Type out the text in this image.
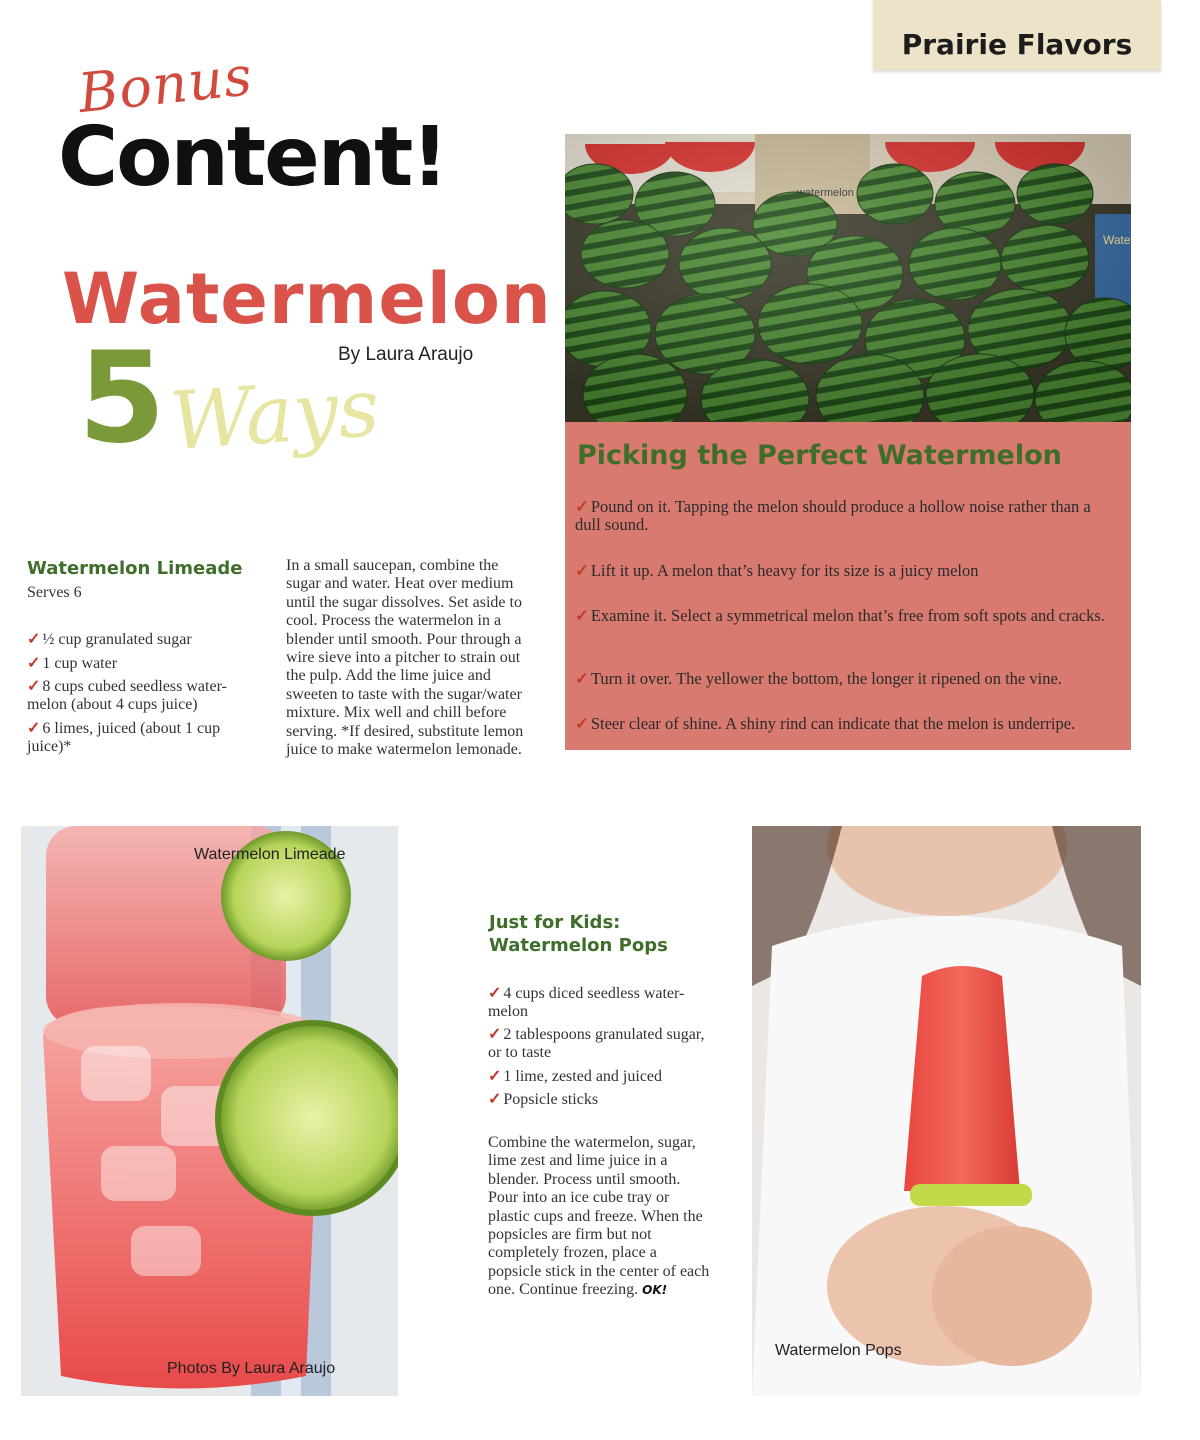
Prairie Flavors
Bonus
Content!
Watermelon
By Laura Araujo
5 Ways	Picking the Perfect Watermelon
✓ Pound on it. Tapping the melon should produce a hollow noise rather than a dull sound.
✓ Lift it up. A melon that’s heavy for its size is a juicy melon
✓ Examine it. Select a symmetrical melon that’s free from soft spots and cracks.
✓ Turn it over. The yellower the bottom, the longer it ripened on the vine.
✓ Steer clear of shine. A shiny rind can indicate that the melon is underripe.
Watermelon Limeade
Serves 6
✓ ½ cup granulated sugar
✓ 1 cup water
✓ 8 cups cubed seedless water-melon (about 4 cups juice)
✓ 6 limes, juiced (about 1 cup juice)*
In a small saucepan, combine the sugar and water. Heat over medium until the sugar dissolves. Set aside to cool. Process the watermelon in a blender until smooth. Pour through a wire sieve into a pitcher to strain out the pulp. Add the lime juice and sweeten to taste with the sugar/water mixture. Mix well and chill before serving. *If desired, substitute lemon juice to make watermelon lemonade.
Watermelon Limeade
Photos By Laura Araujo
Just for Kids:
Watermelon Pops
✓ 4 cups diced seedless water-melon
✓ 2 tablespoons granulated sugar, or to taste
✓ 1 lime, zested and juiced
✓ Popsicle sticks
Combine the watermelon, sugar, lime zest and lime juice in a blender. Process until smooth. Pour into an ice cube tray or plastic cups and freeze. When the popsicles are firm but not completely frozen, place a popsicle stick in the center of each one. Continue freezing. OK!
Watermelon Pops
